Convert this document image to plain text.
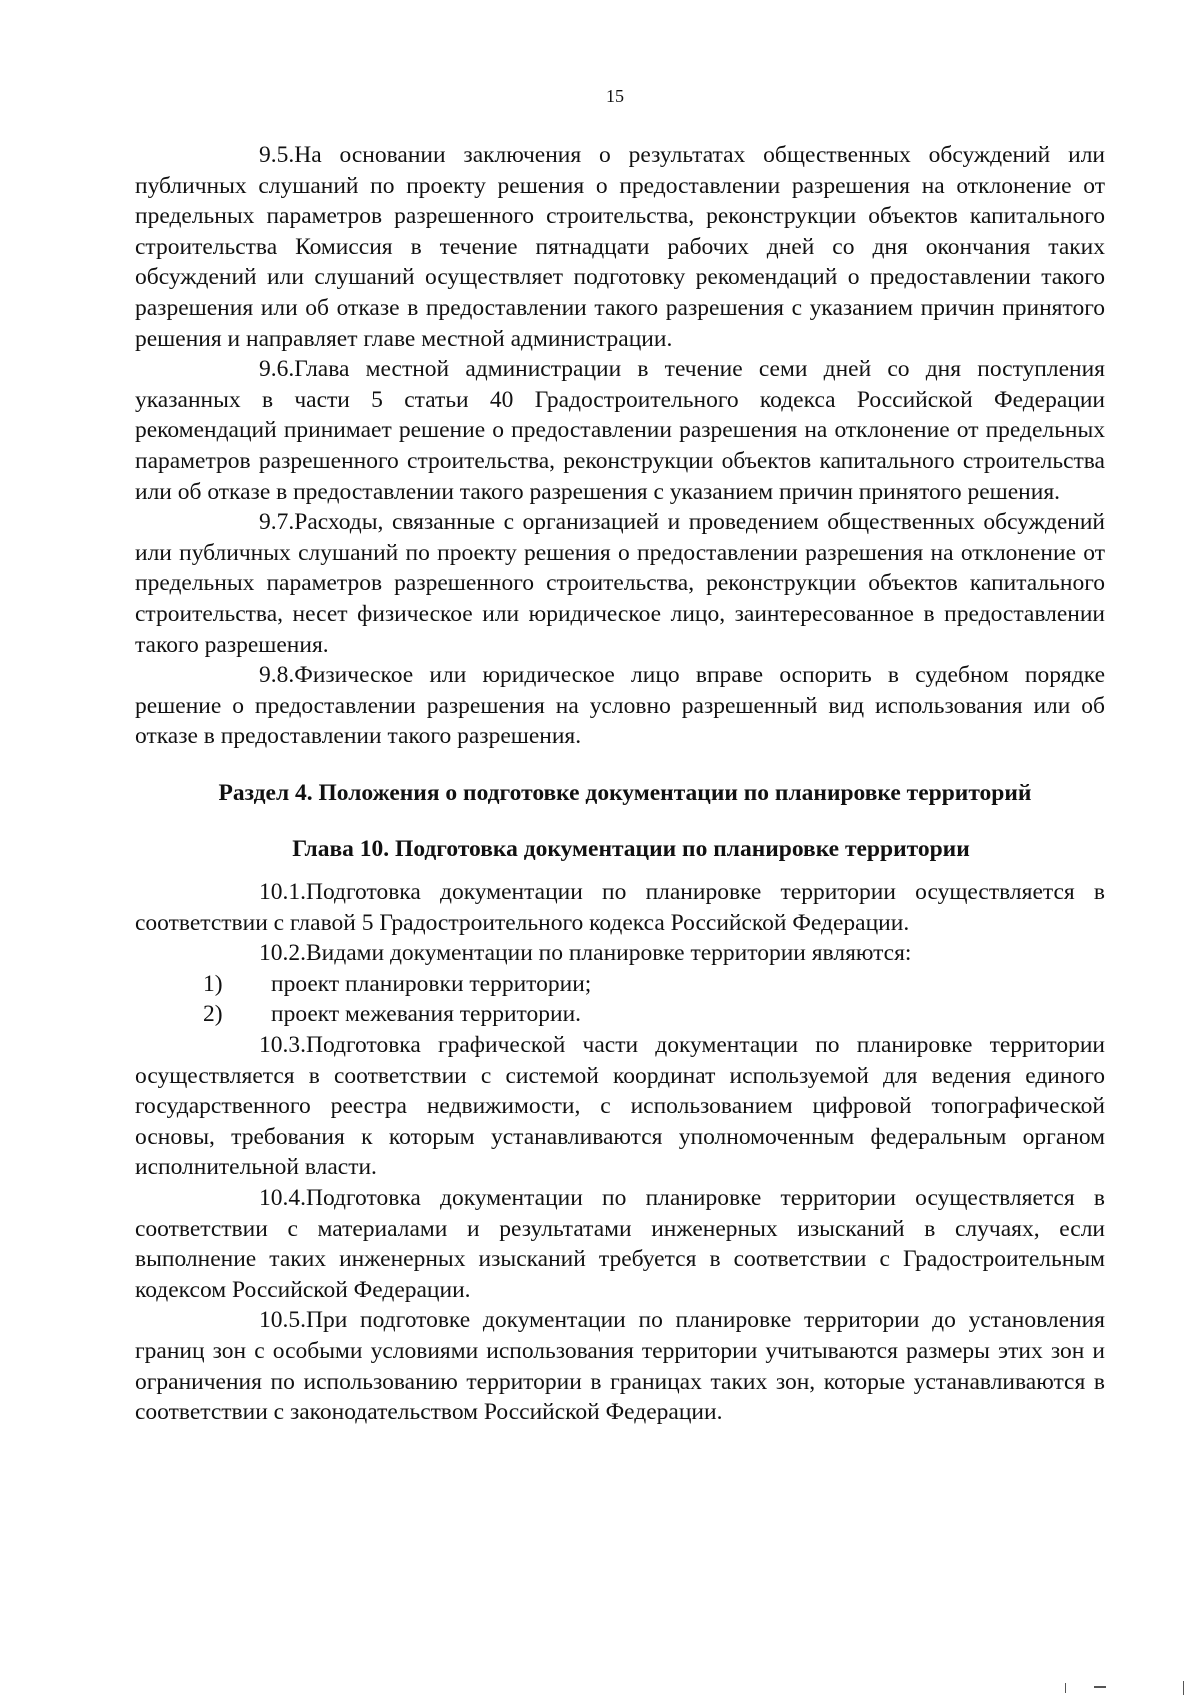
15

9.5.На основании заключения о результатах общественных обсуждений или публичных слушаний по проекту решения о предоставлении разрешения на отклонение от предельных параметров разрешенного строительства, реконструкции объектов капитального строительства Комиссия в течение пятнадцати рабочих дней со дня окончания таких обсуждений или слушаний осуществляет подготовку рекомендаций о предоставлении такого разрешения или об отказе в предоставлении такого разрешения с указанием причин принятого решения и направляет главе местной администрации.

9.6.Глава местной администрации в течение семи дней со дня поступления указанных в части 5 статьи 40 Градостроительного кодекса Российской Федерации рекомендаций принимает решение о предоставлении разрешения на отклонение от предельных параметров разрешенного строительства, реконструкции объектов капитального строительства или об отказе в предоставлении такого разрешения с указанием причин принятого решения.

9.7.Расходы, связанные с организацией и проведением общественных обсуждений или публичных слушаний по проекту решения о предоставлении разрешения на отклонение от предельных параметров разрешенного строительства, реконструкции объектов капитального строительства, несет физическое или юридическое лицо, заинтересованное в предоставлении такого разрешения.

9.8.Физическое или юридическое лицо вправе оспорить в судебном порядке решение о предоставлении разрешения на условно разрешенный вид использования или об отказе в предоставлении такого разрешения.

Раздел 4. Положения о подготовке документации по планировке территорий
Глава 10. Подготовка документации по планировке территории

10.1.Подготовка документации по планировке территории осуществляется в соответствии с главой 5 Градостроительного кодекса Российской Федерации.

10.2.Видами документации по планировке территории являются:

1) проект планировки территории;

2) проект межевания территории.

10.3.Подготовка графической части документации по планировке территории осуществляется в соответствии с системой координат используемой для ведения единого государственного реестра недвижимости, с использованием цифровой топографической основы, требования к которым устанавливаются уполномоченным федеральным органом исполнительной власти.

10.4.Подготовка документации по планировке территории осуществляется в соответствии с материалами и результатами инженерных изысканий в случаях, если выполнение таких инженерных изысканий требуется в соответствии с Градостроительным кодексом Российской Федерации.

10.5.При подготовке документации по планировке территории до установления границ зон с особыми условиями использования территории учитываются размеры этих зон и ограничения по использованию территории в границах таких зон, которые устанавливаются в соответствии с законодательством Российской Федерации.
